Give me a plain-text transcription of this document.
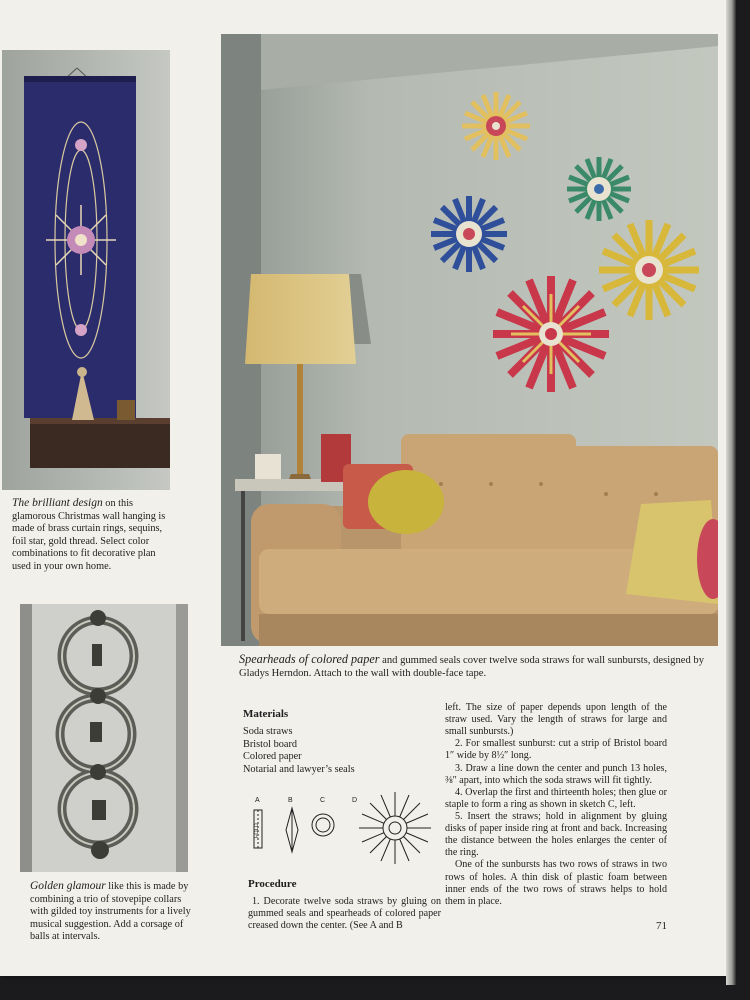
The brilliant design on this glamorous Christmas wall hanging is made of brass curtain rings, sequins, foil star, gold thread. Select color combinations to fit decorative plan used in your own home.
Spearheads of colored paper and gummed seals cover twelve soda straws for wall sunbursts, designed by Gladys Herndon. Attach to the wall with double-face tape.
Golden glamour like this is made by combining a trio of stovepipe collars with gilded toy instruments for a lively musical suggestion. Add a corsage of balls at intervals.
Materials
Soda straws
Bristol board
Colored paper
Notarial and lawyer’s seals
A	B	C	D
FOLD
Procedure

1. Decorate twelve soda straws by gluing on gummed seals and spearheads of colored paper creased down the center. (See A and B

left. The size of paper depends upon length of the straw used. Vary the length of straws for large and small sunbursts.)

2. For smallest sunburst: cut a strip of Bristol board 1″ wide by 8½″ long.

3. Draw a line down the center and punch 13 holes, ⅜″ apart, into which the soda straws will fit tightly.

4. Overlap the first and thirteenth holes; then glue or staple to form a ring as shown in sketch C, left.

5. Insert the straws; hold in alignment by gluing disks of paper inside ring at front and back. Increasing the distance between the holes enlarges the center of the ring.

One of the sunbursts has two rows of straws in two rows of holes. A thin disk of plastic foam between inner ends of the two rows of straws helps to hold them in place.

71
